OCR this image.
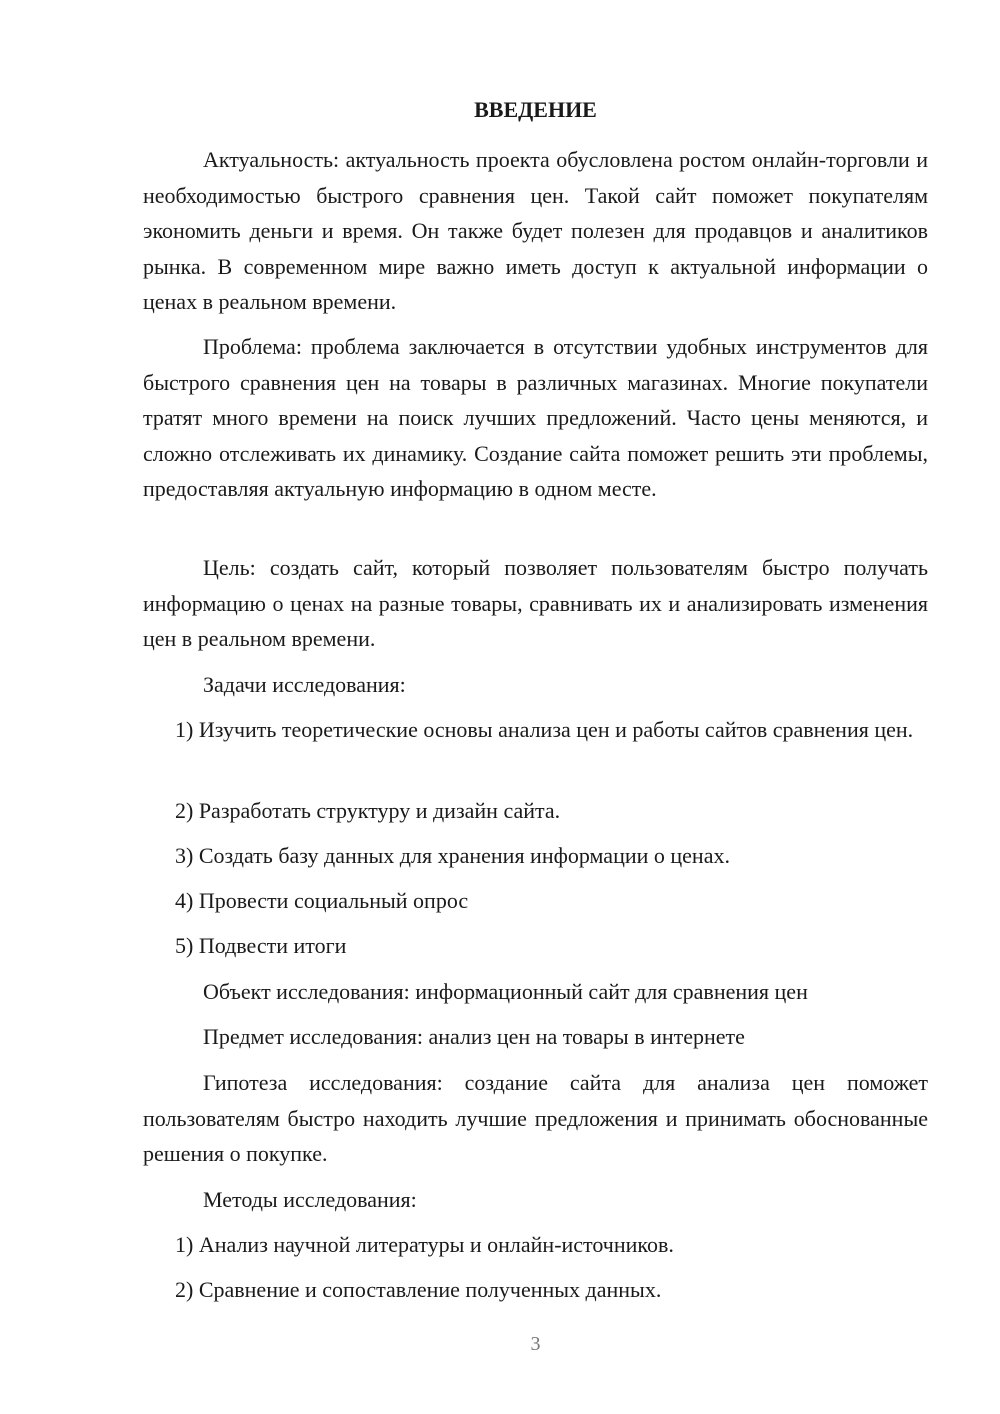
ВВЕДЕНИЕ

Актуальность: актуальность проекта обусловлена ростом онлайн-торговли и необходимостью быстрого сравнения цен. Такой сайт поможет покупателям экономить деньги и время. Он также будет полезен для продавцов и аналитиков рынка. В современном мире важно иметь доступ к актуальной информации о ценах в реальном времени.

Проблема: проблема заключается в отсутствии удобных инструментов для быстрого сравнения цен на товары в различных магазинах. Многие покупатели тратят много времени на поиск лучших предложений. Часто цены меняются, и сложно отслеживать их динамику. Создание сайта поможет решить эти проблемы, предоставляя актуальную информацию в одном месте.

Цель: создать сайт, который позволяет пользователям быстро получать информацию о ценах на разные товары, сравнивать их и анализировать изменения цен в реальном времени.

Задачи исследования:

1) Изучить теоретические основы анализа цен и работы сайтов сравнения цен.

2) Разработать структуру и дизайн сайта.
3) Создать базу данных для хранения информации о ценах.
4) Провести социальный опрос
5) Подвести итоги
Объект исследования: информационный сайт для сравнения цен
Предмет исследования: анализ цен на товары в интернете

Гипотеза исследования: создание сайта для анализа цен поможет пользователям быстро находить лучшие предложения и принимать обоснованные решения о покупке.

Методы исследования:
1) Анализ научной литературы и онлайн-источников.
2) Сравнение и сопоставление полученных данных.
3
